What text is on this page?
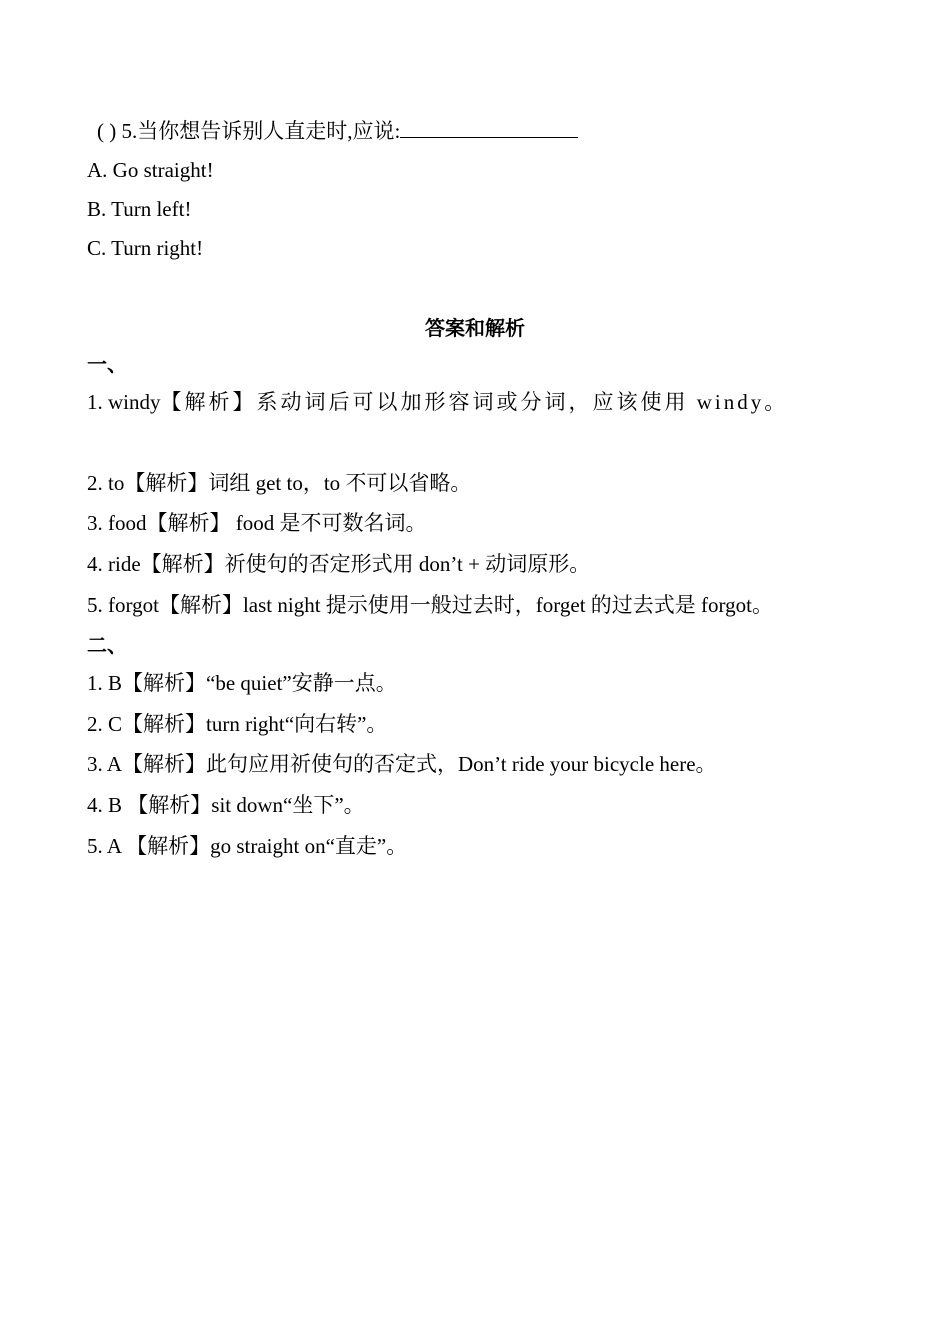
( ) 5.当你想告诉别人直走时,应说:
A. Go straight!
B. Turn left!
C. Turn right!
答案和解析
一、
1. windy【解析】系动词后可以加形容词或分词，应该使用 windy。
2. to【解析】词组 get to，to 不可以省略。
3. food【解析】 food 是不可数名词。
4. ride【解析】祈使句的否定形式用 don’t + 动词原形。
5. forgot【解析】last night 提示使用一般过去时，forget 的过去式是 forgot。
二、
1. B【解析】“be quiet”安静一点。
2. C【解析】turn right“向右转”。
3. A【解析】此句应用祈使句的否定式，Don’t ride your bicycle here。
4. B 【解析】sit down“坐下”。
5. A 【解析】go straight on“直走”。
